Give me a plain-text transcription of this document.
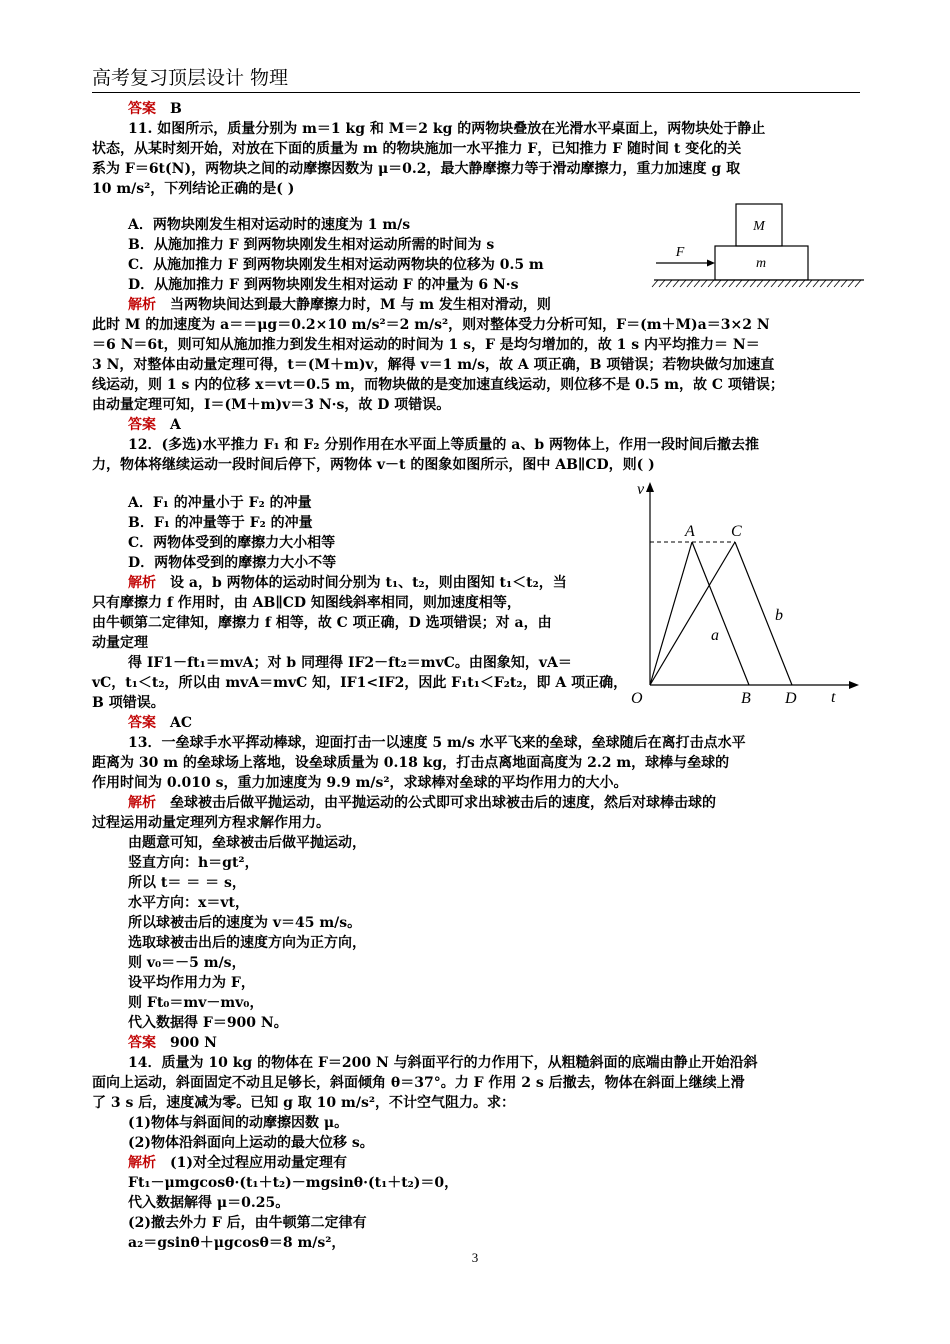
高考复习顶层设计 物理
答案 B
11. 如图所示，质量分别为 m＝1 kg 和 M＝2 kg 的两物块叠放在光滑水平桌面上，两物块处于静止
状态，从某时刻开始，对放在下面的质量为 m 的物块施加一水平推力 F，已知推力 F 随时间 t 变化的关
系为 F＝6t(N)，两物块之间的动摩擦因数为 μ＝0.2，最大静摩擦力等于滑动摩擦力，重力加速度 g 取
10 m/s²，下列结论正确的是( )
A．两物块刚发生相对运动时的速度为 1 m/s
B．从施加推力 F 到两物块刚发生相对运动所需的时间为 s
C．从施加推力 F 到两物块刚发生相对运动两物块的位移为 0.5 m
D．从施加推力 F 到两物块刚发生相对运动 F 的冲量为 6 N·s
解析 当两物块间达到最大静摩擦力时，M 与 m 发生相对滑动，则
此时 M 的加速度为 a＝＝μg＝0.2×10 m/s²＝2 m/s²，则对整体受力分析可知，F＝(m＋M)a＝3×2 N
＝6 N＝6t，则可知从施加推力到发生相对运动的时间为 1 s，F 是均匀增加的，故 1 s 内平均推力＝ N＝
3 N，对整体由动量定理可得，t＝(M＋m)v，解得 v＝1 m/s，故 A 项正确，B 项错误；若物块做匀加速直
线运动，则 1 s 内的位移 x＝vt＝0.5 m，而物块做的是变加速直线运动，则位移不是 0.5 m，故 C 项错误；
由动量定理可知，I＝(M＋m)v＝3 N·s，故 D 项错误。
答案 A
12．(多选)水平推力 F₁ 和 F₂ 分别作用在水平面上等质量的 a、b 两物体上，作用一段时间后撤去推
力，物体将继续运动一段时间后停下，两物体 v－t 的图象如图所示，图中 AB∥CD，则( )
A．F₁ 的冲量小于 F₂ 的冲量
B．F₁ 的冲量等于 F₂ 的冲量
C．两物体受到的摩擦力大小相等
D．两物体受到的摩擦力大小不等
解析 设 a，b 两物体的运动时间分别为 t₁、t₂，则由图知 t₁＜t₂，当
只有摩擦力 f 作用时，由 AB∥CD 知图线斜率相同，则加速度相等，
由牛顿第二定律知，摩擦力 f 相等，故 C 项正确，D 选项错误；对 a，由
动量定理
得 IF1－ft₁＝mvA；对 b 同理得 IF2－ft₂＝mvC。由图象知，vA＝
vC，t₁＜t₂，所以由 mvA＝mvC 知，IF1<IF2，因此 F₁t₁＜F₂t₂，即 A 项正确，
B 项错误。
答案 AC
13．一垒球手水平挥动棒球，迎面打击一以速度 5 m/s 水平飞来的垒球，垒球随后在离打击点水平
距离为 30 m 的垒球场上落地，设垒球质量为 0.18 kg，打击点离地面高度为 2.2 m，球棒与垒球的
作用时间为 0.010 s，重力加速度为 9.9 m/s²，求球棒对垒球的平均作用力的大小。
解析 垒球被击后做平抛运动，由平抛运动的公式即可求出球被击后的速度，然后对球棒击球的
过程运用动量定理列方程求解作用力。
由题意可知，垒球被击后做平抛运动，
竖直方向：h＝gt²，
所以 t＝ ＝ ＝ s，
水平方向：x＝vt，
所以球被击后的速度为 v＝45 m/s。
选取球被击出后的速度方向为正方向，
则 v₀＝－5 m/s，
设平均作用力为 F，
则 Ft₀＝mv－mv₀，
代入数据得 F＝900 N。
答案 900 N
14．质量为 10 kg 的物体在 F＝200 N 与斜面平行的力作用下，从粗糙斜面的底端由静止开始沿斜
面向上运动，斜面固定不动且足够长，斜面倾角 θ＝37°。力 F 作用 2 s 后撤去，物体在斜面上继续上滑
了 3 s 后，速度减为零。已知 g 取 10 m/s²，不计空气阻力。求：
(1)物体与斜面间的动摩擦因数 μ。
(2)物体沿斜面向上运动的最大位移 s。
解析 (1)对全过程应用动量定理有
Ft₁－μmgcosθ·(t₁＋t₂)－mgsinθ·(t₁＋t₂)＝0，
代入数据解得 μ＝0.25。
(2)撤去外力 F 后，由牛顿第二定律有
a₂＝gsinθ＋μgcosθ＝8 m/s²，
M
m
F
v
t
O
A C
B D
a
b
3
